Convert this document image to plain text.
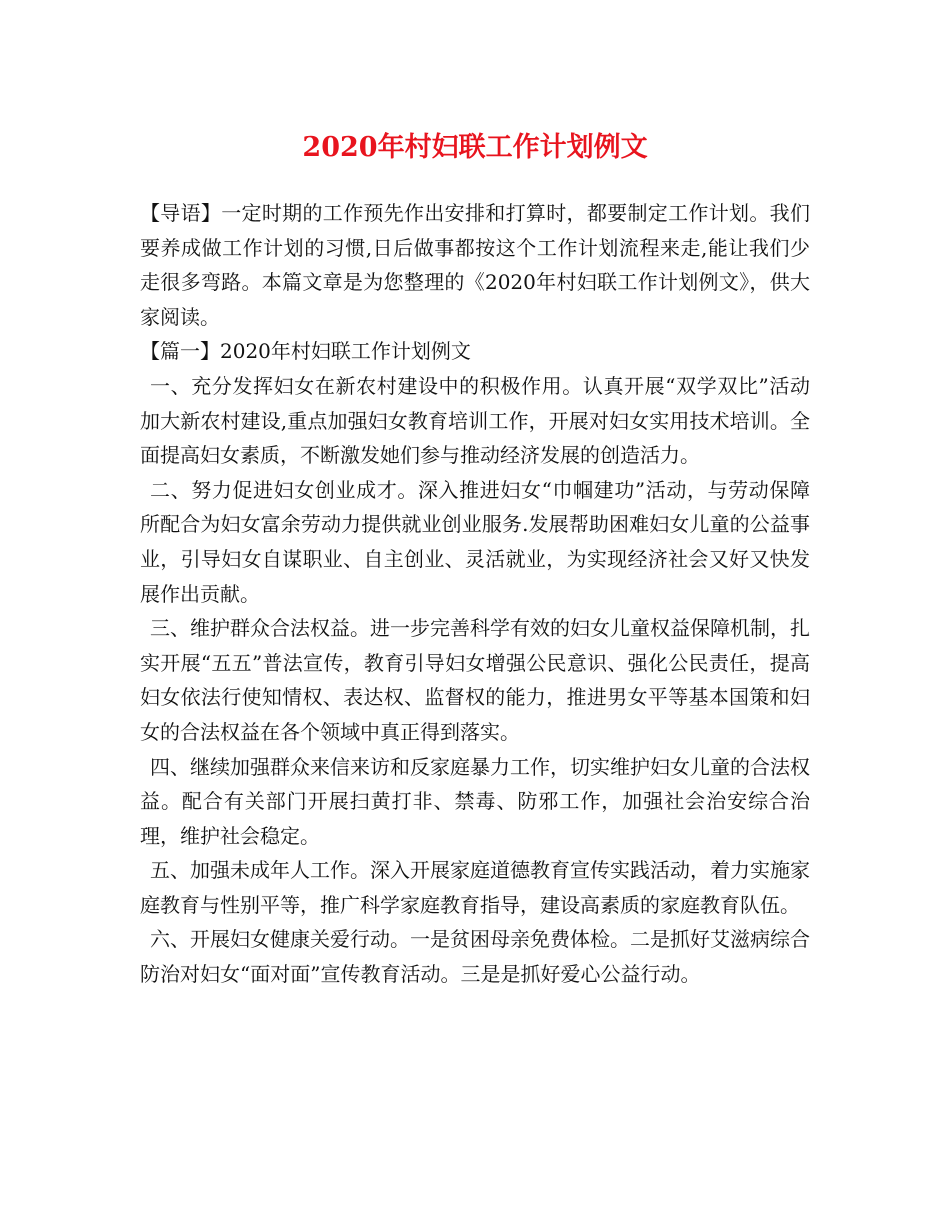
2020年村妇联工作计划例文

【导语】一定时期的工作预先作出安排和打算时，都要制定工作计划。我们要养成做工作计划的习惯,日后做事都按这个工作计划流程来走,能让我们少走很多弯路。本篇文章是为您整理的《2020年村妇联工作计划例文》，供大家阅读。

【篇一】2020年村妇联工作计划例文

一、充分发挥妇女在新农村建设中的积极作用。认真开展“双学双比”活动加大新农村建设,重点加强妇女教育培训工作，开展对妇女实用技术培训。全面提高妇女素质，不断激发她们参与推动经济发展的创造活力。

二、努力促进妇女创业成才。深入推进妇女“巾帼建功”活动，与劳动保障所配合为妇女富余劳动力提供就业创业服务.发展帮助困难妇女儿童的公益事业，引导妇女自谋职业、自主创业、灵活就业，为实现经济社会又好又快发展作出贡献。

三、维护群众合法权益。进一步完善科学有效的妇女儿童权益保障机制，扎实开展“五五”普法宣传，教育引导妇女增强公民意识、强化公民责任，提高妇女依法行使知情权、表达权、监督权的能力，推进男女平等基本国策和妇女的合法权益在各个领域中真正得到落实。

四、继续加强群众来信来访和反家庭暴力工作，切实维护妇女儿童的合法权益。配合有关部门开展扫黄打非、禁毒、防邪工作，加强社会治安综合治理，维护社会稳定。

五、加强未成年人工作。深入开展家庭道德教育宣传实践活动，着力实施家庭教育与性别平等，推广科学家庭教育指导，建设高素质的家庭教育队伍。

六、开展妇女健康关爱行动。一是贫困母亲免费体检。二是抓好艾滋病综合防治对妇女“面对面”宣传教育活动。三是是抓好爱心公益行动。
